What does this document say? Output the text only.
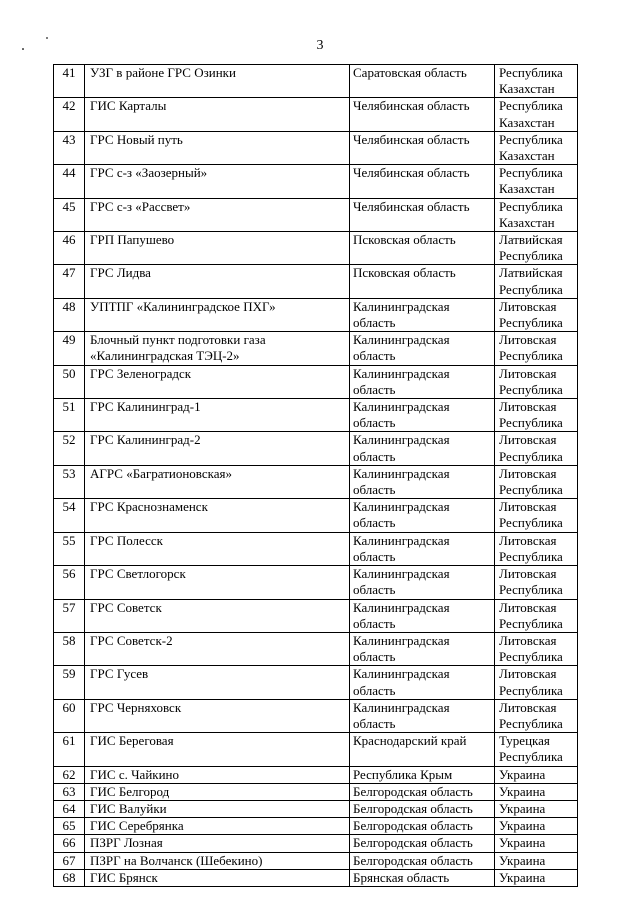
3
41	УЗГ в районе ГРС Озинки	Саратовская область	Республика
Казахстан
42	ГИС Карталы	Челябинская область	Республика
Казахстан
43	ГРС Новый путь	Челябинская область	Республика
Казахстан
44	ГРС с-з «Заозерный»	Челябинская область	Республика
Казахстан
45	ГРС с-з «Рассвет»	Челябинская область	Республика
Казахстан
46	ГРП Папушево	Псковская область	Латвийская
Республика
47	ГРС Лидва	Псковская область	Латвийская
Республика
48	УПТПГ «Калининградское ПХГ»	Калининградская
область	Литовская
Республика
49	Блочный пункт подготовки газа
«Калининградская ТЭЦ-2»	Калининградская
область	Литовская
Республика
50	ГРС Зеленоградск	Калининградская
область	Литовская
Республика
51	ГРС Калининград-1	Калининградская
область	Литовская
Республика
52	ГРС Калининград-2	Калининградская
область	Литовская
Республика
53	АГРС «Багратионовская»	Калининградская
область	Литовская
Республика
54	ГРС Краснознаменск	Калининградская
область	Литовская
Республика
55	ГРС Полесск	Калининградская
область	Литовская
Республика
56	ГРС Светлогорск	Калининградская
область	Литовская
Республика
57	ГРС Советск	Калининградская
область	Литовская
Республика
58	ГРС Советск-2	Калининградская
область	Литовская
Республика
59	ГРС Гусев	Калининградская
область	Литовская
Республика
60	ГРС Черняховск	Калининградская
область	Литовская
Республика
61	ГИС Береговая	Краснодарский край	Турецкая
Республика
62	ГИС с. Чайкино	Республика Крым	Украина
63	ГИС Белгород	Белгородская область	Украина
64	ГИС Валуйки	Белгородская область	Украина
65	ГИС Серебрянка	Белгородская область	Украина
66	ПЗРГ Лозная	Белгородская область	Украина
67	ПЗРГ на Волчанск (Шебекино)	Белгородская область	Украина
68	ГИС Брянск	Брянская область	Украина
